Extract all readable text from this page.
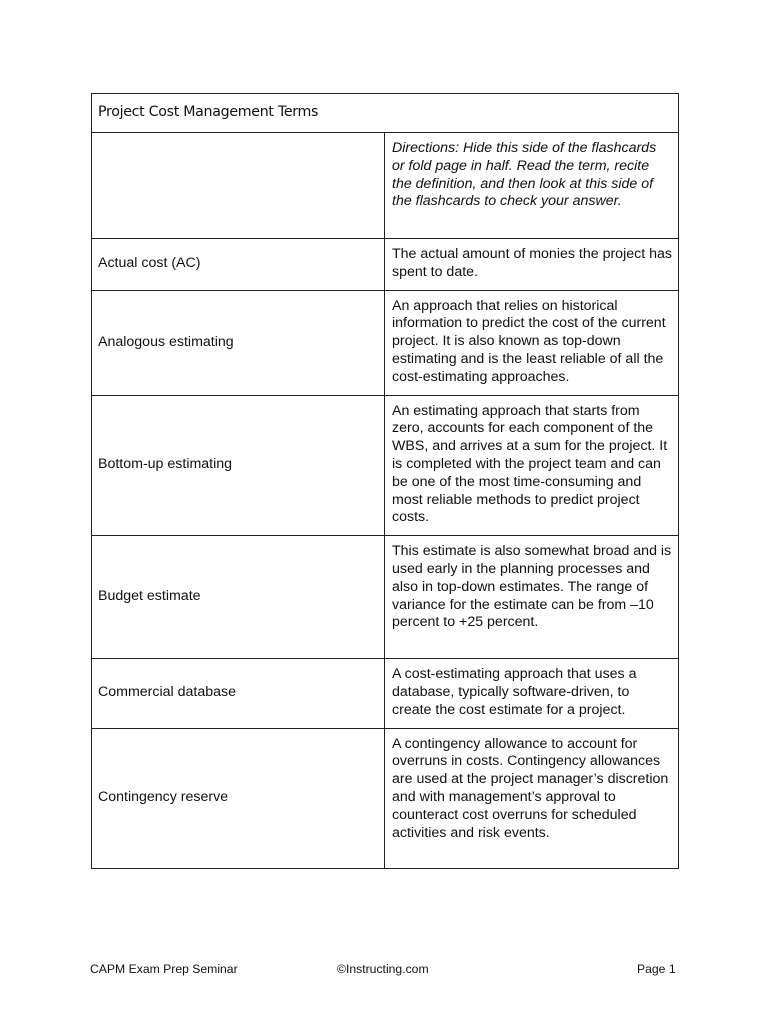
Project Cost Management Terms	
	Directions: Hide this side of the flashcards or fold page in half. Read the term, recite the definition, and then look at this side of the flashcards to check your answer.
Actual cost (AC)	The actual amount of monies the project has spent to date.
Analogous estimating	An approach that relies on historical information to predict the cost of the current project. It is also known as top-down estimating and is the least reliable of all the cost-estimating approaches.
Bottom-up estimating	An estimating approach that starts from zero, accounts for each component of the WBS, and arrives at a sum for the project. It is completed with the project team and can be one of the most time-consuming and most reliable methods to predict project costs.
Budget estimate	This estimate is also somewhat broad and is used early in the planning processes and also in top-down estimates. The range of variance for the estimate can be from –10 percent to +25 percent.
Commercial database	A cost-estimating approach that uses a database, typically software-driven, to create the cost estimate for a project.
Contingency reserve	A contingency allowance to account for overruns in costs. Contingency allowances are used at the project manager’s discretion and with management’s approval to counteract cost overruns for scheduled activities and risk events.
CAPM Exam Prep Seminar	©Instructing.com	Page 1
